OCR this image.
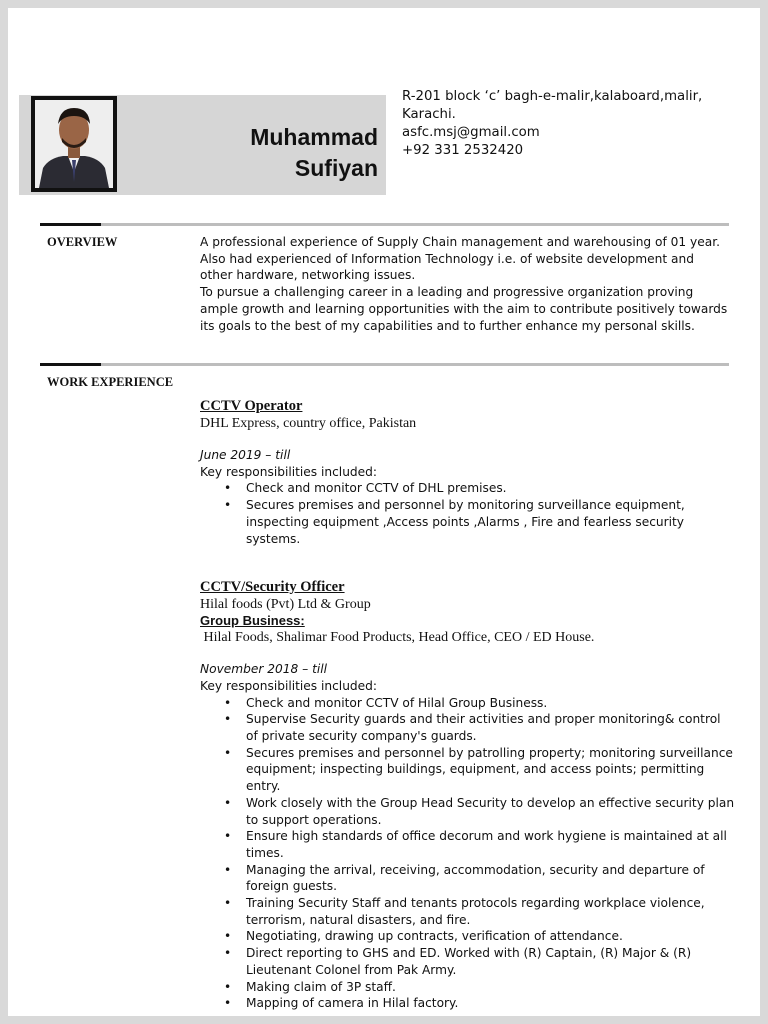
Muhammad
Sufiyan
R-201 block ‘c’ bagh-e-malir,kalaboard,malir,
Karachi.
asfc.msj@gmail.com
+92 331 2532420
OVERVIEW	A professional experience of Supply Chain management and warehousing of 01 year.
Also had experienced of Information Technology i.e. of website development and
other hardware, networking issues.
To pursue a challenging career in a leading and progressive organization proving
ample growth and learning opportunities with the aim to contribute positively towards
its goals to the best of my capabilities and to further enhance my personal skills.
WORK EXPERIENCE
CCTV Operator
DHL Express, country office, Pakistan
June 2019 – till
Key responsibilities included:
• Check and monitor CCTV of DHL premises.
• Secures premises and personnel by monitoring surveillance equipment, inspecting equipment ,Access points ,Alarms , Fire and fearless security systems.
CCTV/Security Officer
Hilal foods (Pvt) Ltd & Group
Group Business:
Hilal Foods, Shalimar Food Products, Head Office, CEO / ED House.
November 2018 – till
Key responsibilities included:
• Check and monitor CCTV of Hilal Group Business.
• Supervise Security guards and their activities and proper monitoring& control of private security company's guards.
• Secures premises and personnel by patrolling property; monitoring surveillance equipment; inspecting buildings, equipment, and access points; permitting entry.
• Work closely with the Group Head Security to develop an effective security plan to support operations.
• Ensure high standards of office decorum and work hygiene is maintained at all times.
• Managing the arrival, receiving, accommodation, security and departure of foreign guests.
• Training Security Staff and tenants protocols regarding workplace violence, terrorism, natural disasters, and fire.
• Negotiating, drawing up contracts, verification of attendance.
• Direct reporting to GHS and ED. Worked with (R) Captain, (R) Major & (R) Lieutenant Colonel from Pak Army.
• Making claim of 3P staff.
• Mapping of camera in Hilal factory.
